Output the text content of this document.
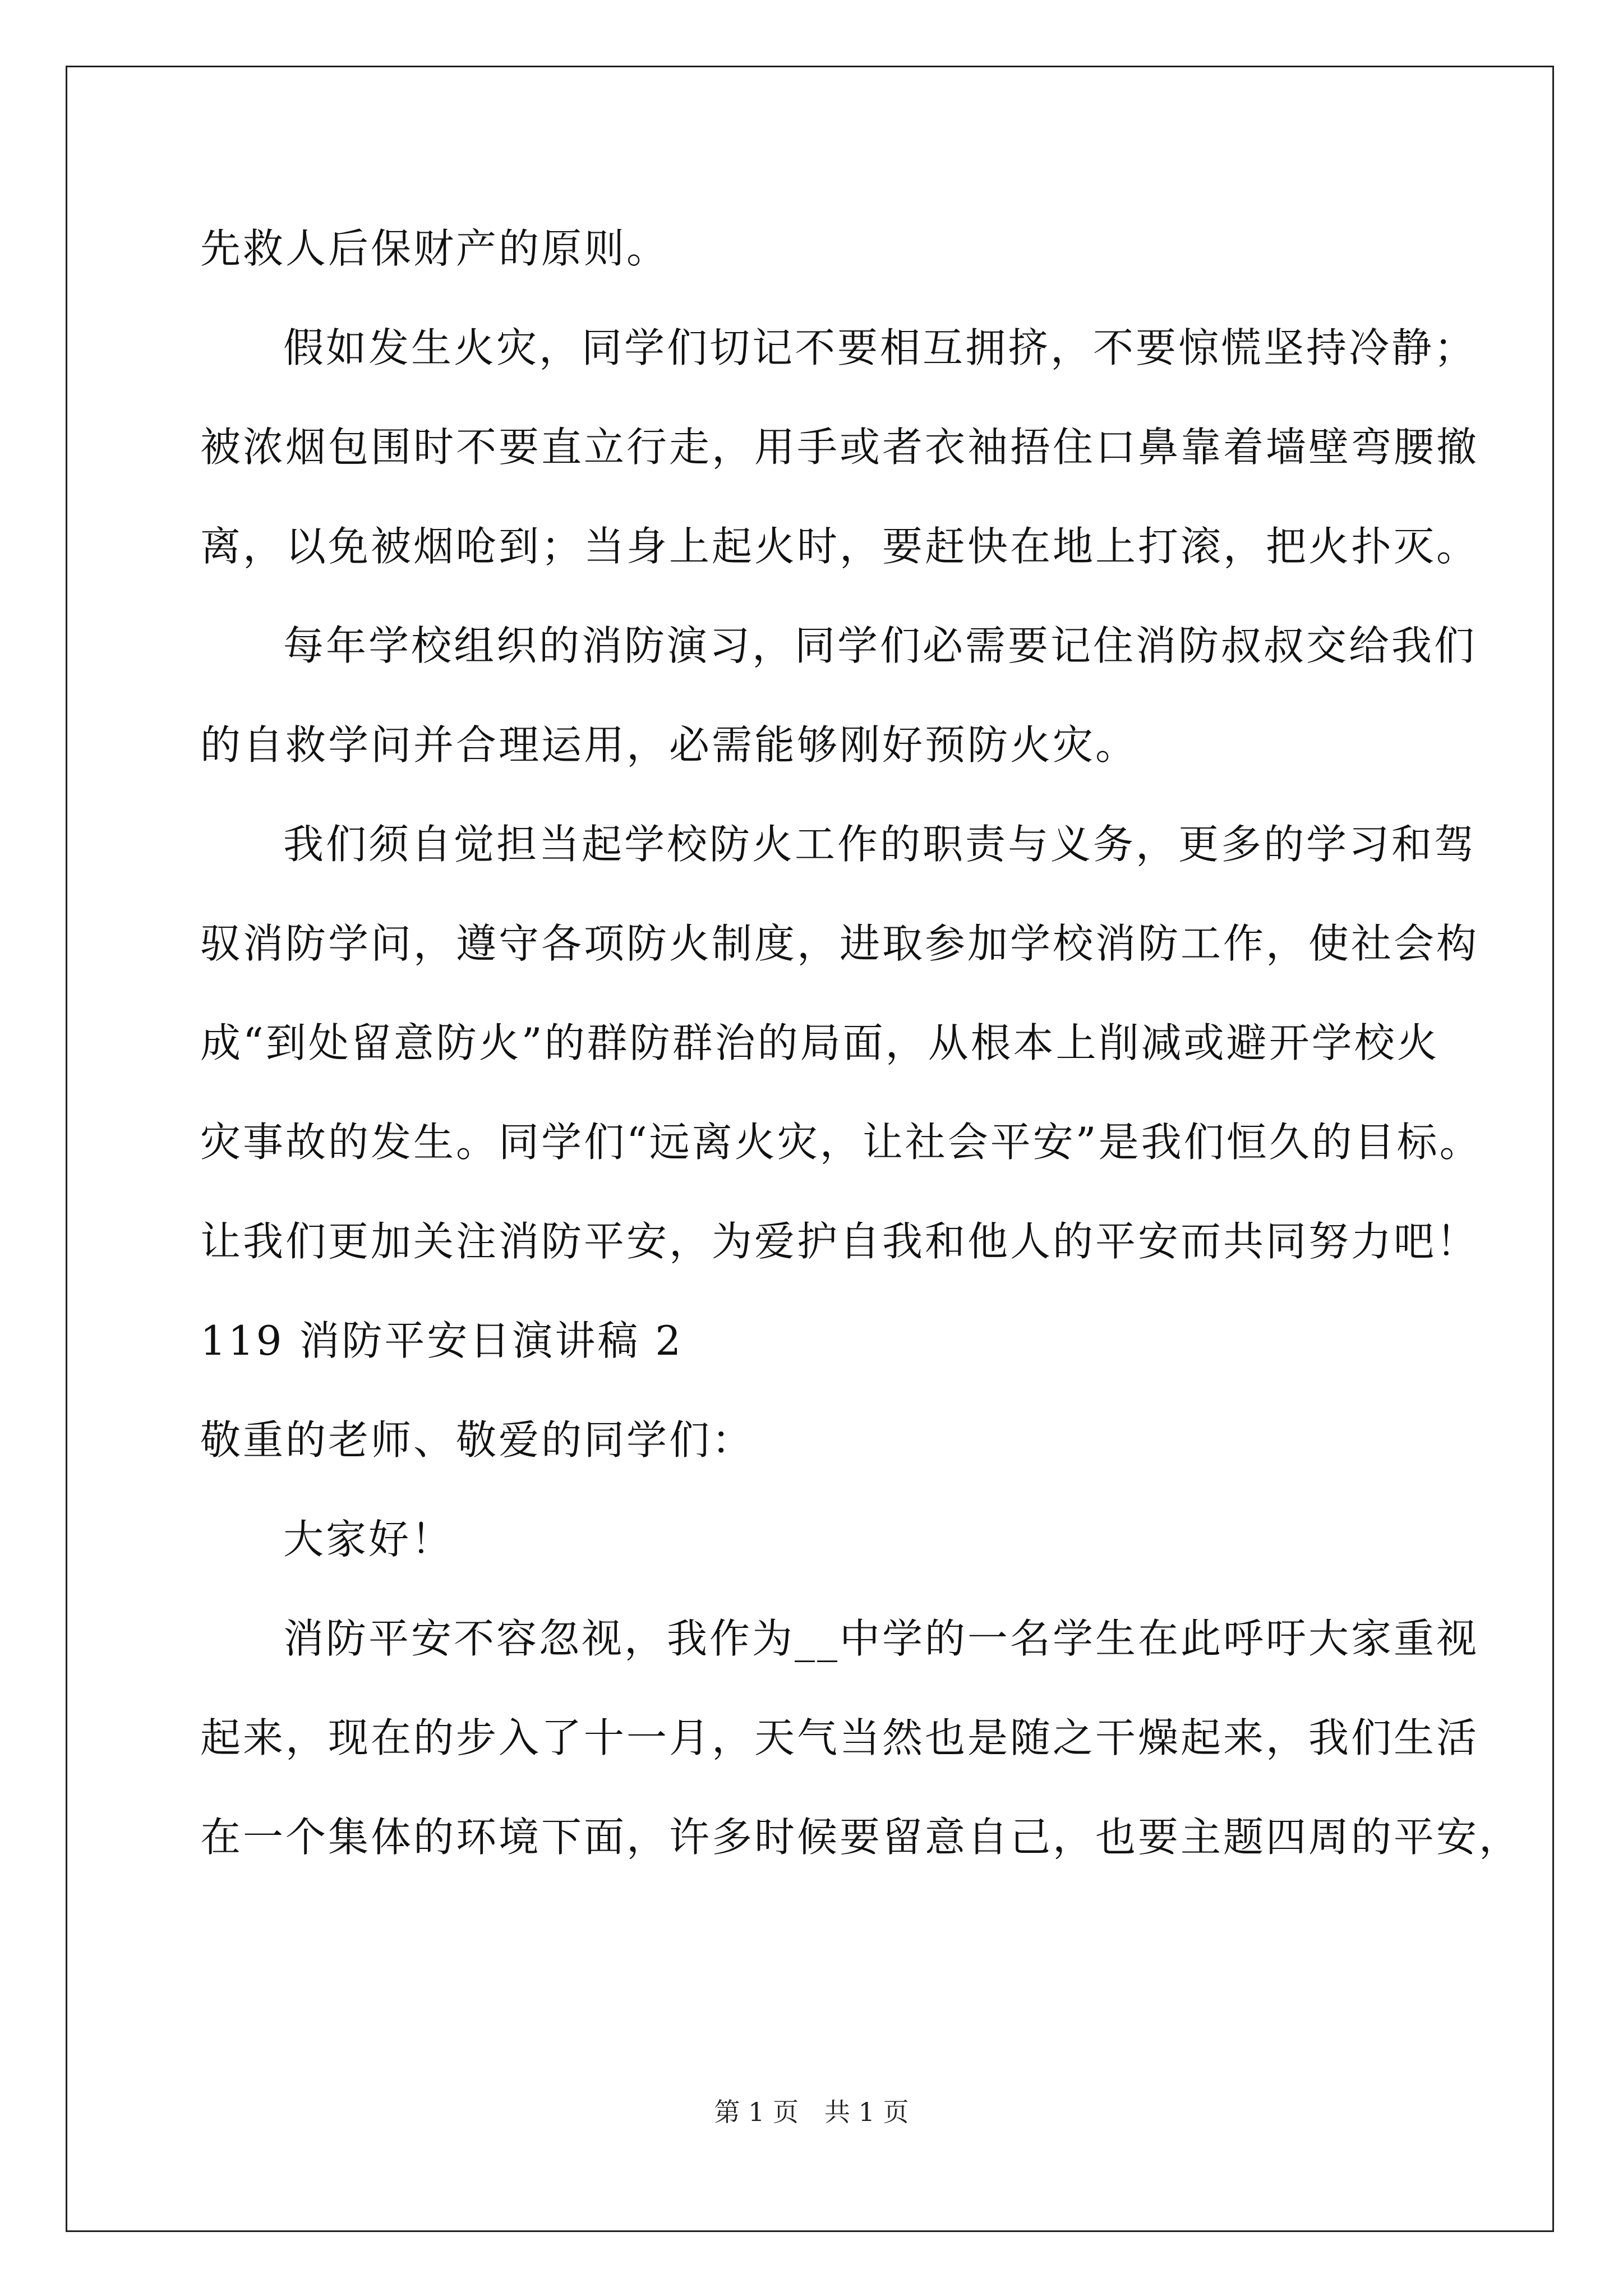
先救人后保财产的原则。
假如发生火灾，同学们切记不要相互拥挤，不要惊慌坚持冷静；
被浓烟包围时不要直立行走，用手或者衣袖捂住口鼻靠着墙壁弯腰撤
离，以免被烟呛到；当身上起火时，要赶快在地上打滚，把火扑灭。
每年学校组织的消防演习，同学们必需要记住消防叔叔交给我们
的自救学问并合理运用，必需能够刚好预防火灾。
我们须自觉担当起学校防火工作的职责与义务，更多的学习和驾
驭消防学问，遵守各项防火制度，进取参加学校消防工作，使社会构
成“到处留意防火”的群防群治的局面，从根本上削减或避开学校火
灾事故的发生。同学们“远离火灾，让社会平安”是我们恒久的目标。
让我们更加关注消防平安，为爱护自我和他人的平安而共同努力吧！
119 消防平安日演讲稿 2
敬重的老师、敬爱的同学们：
大家好！
消防平安不容忽视，我作为__中学的一名学生在此呼吁大家重视
起来，现在的步入了十一月，天气当然也是随之干燥起来，我们生活
在一个集体的环境下面，许多时候要留意自己，也要主题四周的平安，
第 1 页　共 1 页
